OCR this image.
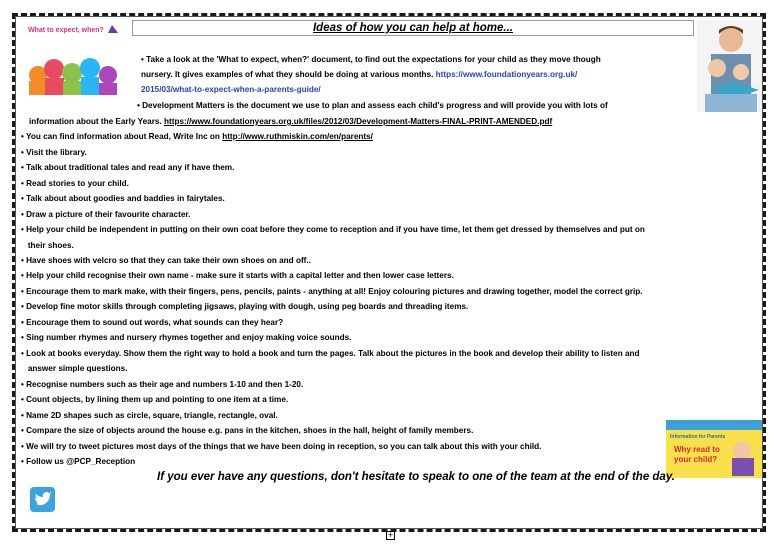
Ideas of how you can help at home...
What to expect, when?
• Take a look at the 'What to expect, when?' document, to find out the expectations for your child as they move though
nursery. It gives examples of what they should be doing at various months. https://www.foundationyears.org.uk/
2015/03/what-to-expect-when-a-parents-guide/
• Development Matters is the document we use to plan and assess each child's progress and will provide you with lots of
information about the Early Years. https://www.foundationyears.org.uk/files/2012/03/Development-Matters-FINAL-PRINT-AMENDED.pdf
• You can find information about Read, Write Inc on http://www.ruthmiskin.com/en/parents/
• Visit the library.
• Talk about traditional tales and read any if have them.
• Read stories to your child.
• Talk about about goodies and baddies in fairytales.
• Draw a picture of their favourite character.
• Help your child be independent in putting on their own coat before they come to reception and if you have time, let them get dressed by themselves and put on
their shoes.
• Have shoes with velcro so that they can take their own shoes on and off..
• Help your child recognise their own name - make sure it starts with a capital letter and then lower case letters.
• Encourage them to mark make, with their fingers, pens, pencils, paints - anything at all! Enjoy colouring pictures and drawing together, model the correct grip.
• Develop fine motor skills through completing jigsaws, playing with dough, using peg boards and threading items.
• Encourage them to sound out words, what sounds can they hear?
• Sing number rhymes and nursery rhymes together and enjoy making voice sounds.
• Look at books everyday. Show them the right way to hold a book and turn the pages. Talk about the pictures in the book and develop their ability to listen and
answer simple questions.
• Recognise numbers such as their age and numbers 1-10 and then 1-20.
• Count objects, by lining them up and pointing to one item at a time.
• Name 2D shapes such as circle, square, triangle, rectangle, oval.
• Compare the size of objects around the house e.g. pans in the kitchen, shoes in the hall, height of family members.
• We will try to tweet pictures most days of the things that we have been doing in reception, so you can talk about this with your child.
• Follow us @PCP_Reception
Information for Parents
Why read to
your child?
If you ever have any questions, don't hesitate to speak to one of the team at the end of the day.
+
